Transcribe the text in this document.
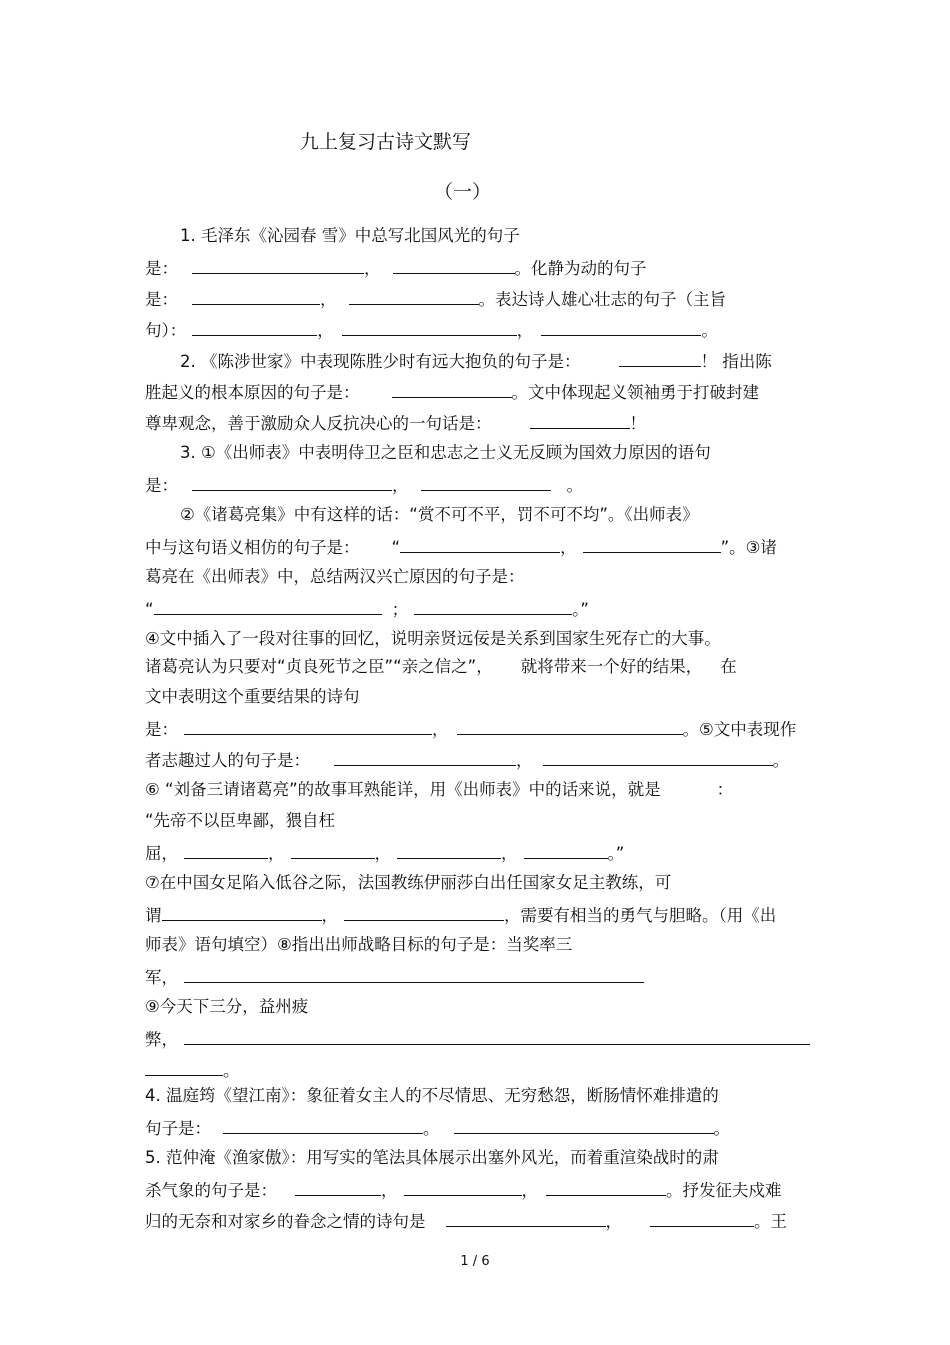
九上复习古诗文默写
（一）
1. 毛泽东《沁园春 雪》中总写北国风光的句子
是：	，	。化静为动的句子
是：	，	。表达诗人雄心壮志的句子（主旨
句）：	，	，	。
2. 《陈涉世家》中表现陈胜少时有远大抱负的句子是：	！ 指出陈
胜起义的根本原因的句子是：	。文中体现起义领袖勇于打破封建
尊卑观念，善于激励众人反抗决心的一句话是：	！
3. ①《出师表》中表明侍卫之臣和忠志之士义无反顾为国效力原因的语句
是：	，	。
②《诸葛亮集》中有这样的话：“赏不可不平，罚不可不均”。《出师表》
中与这句语义相仿的句子是： “	，	”。③诸
葛亮在《出师表》中，总结两汉兴亡原因的句子是：
“	；	。”
④文中插入了一段对往事的回忆，说明亲贤远佞是关系到国家生死存亡的大事。
诸葛亮认为只要对“贞良死节之臣”“亲之信之”， 就将带来一个好的结果， 在
文中表明这个重要结果的诗句
是：	，	。⑤文中表现作
者志趣过人的句子是：	，	。
⑥ “刘备三请诸葛亮”的故事耳熟能详，用《出师表》中的话来说，就是	：
“先帝不以臣卑鄙，猥自枉
屈，	，	，	，	。”
⑦在中国女足陷入低谷之际，法国教练伊丽莎白出任国家女足主教练，可
谓	，	，需要有相当的勇气与胆略。（用《出
师表》语句填空）⑧指出出师战略目标的句子是：当奖率三
军，
⑨今天下三分，益州疲
弊，
。
4. 温庭筠《望江南》：象征着女主人的不尽情思、无穷愁怨，断肠情怀难排遣的
句子是：	。	。
5. 范仲淹《渔家傲》：用写实的笔法具体展示出塞外风光，而着重渲染战时的肃
杀气象的句子是：	，	，	。抒发征夫戍难
归的无奈和对家乡的眷念之情的诗句是	，	。王
1 / 6
